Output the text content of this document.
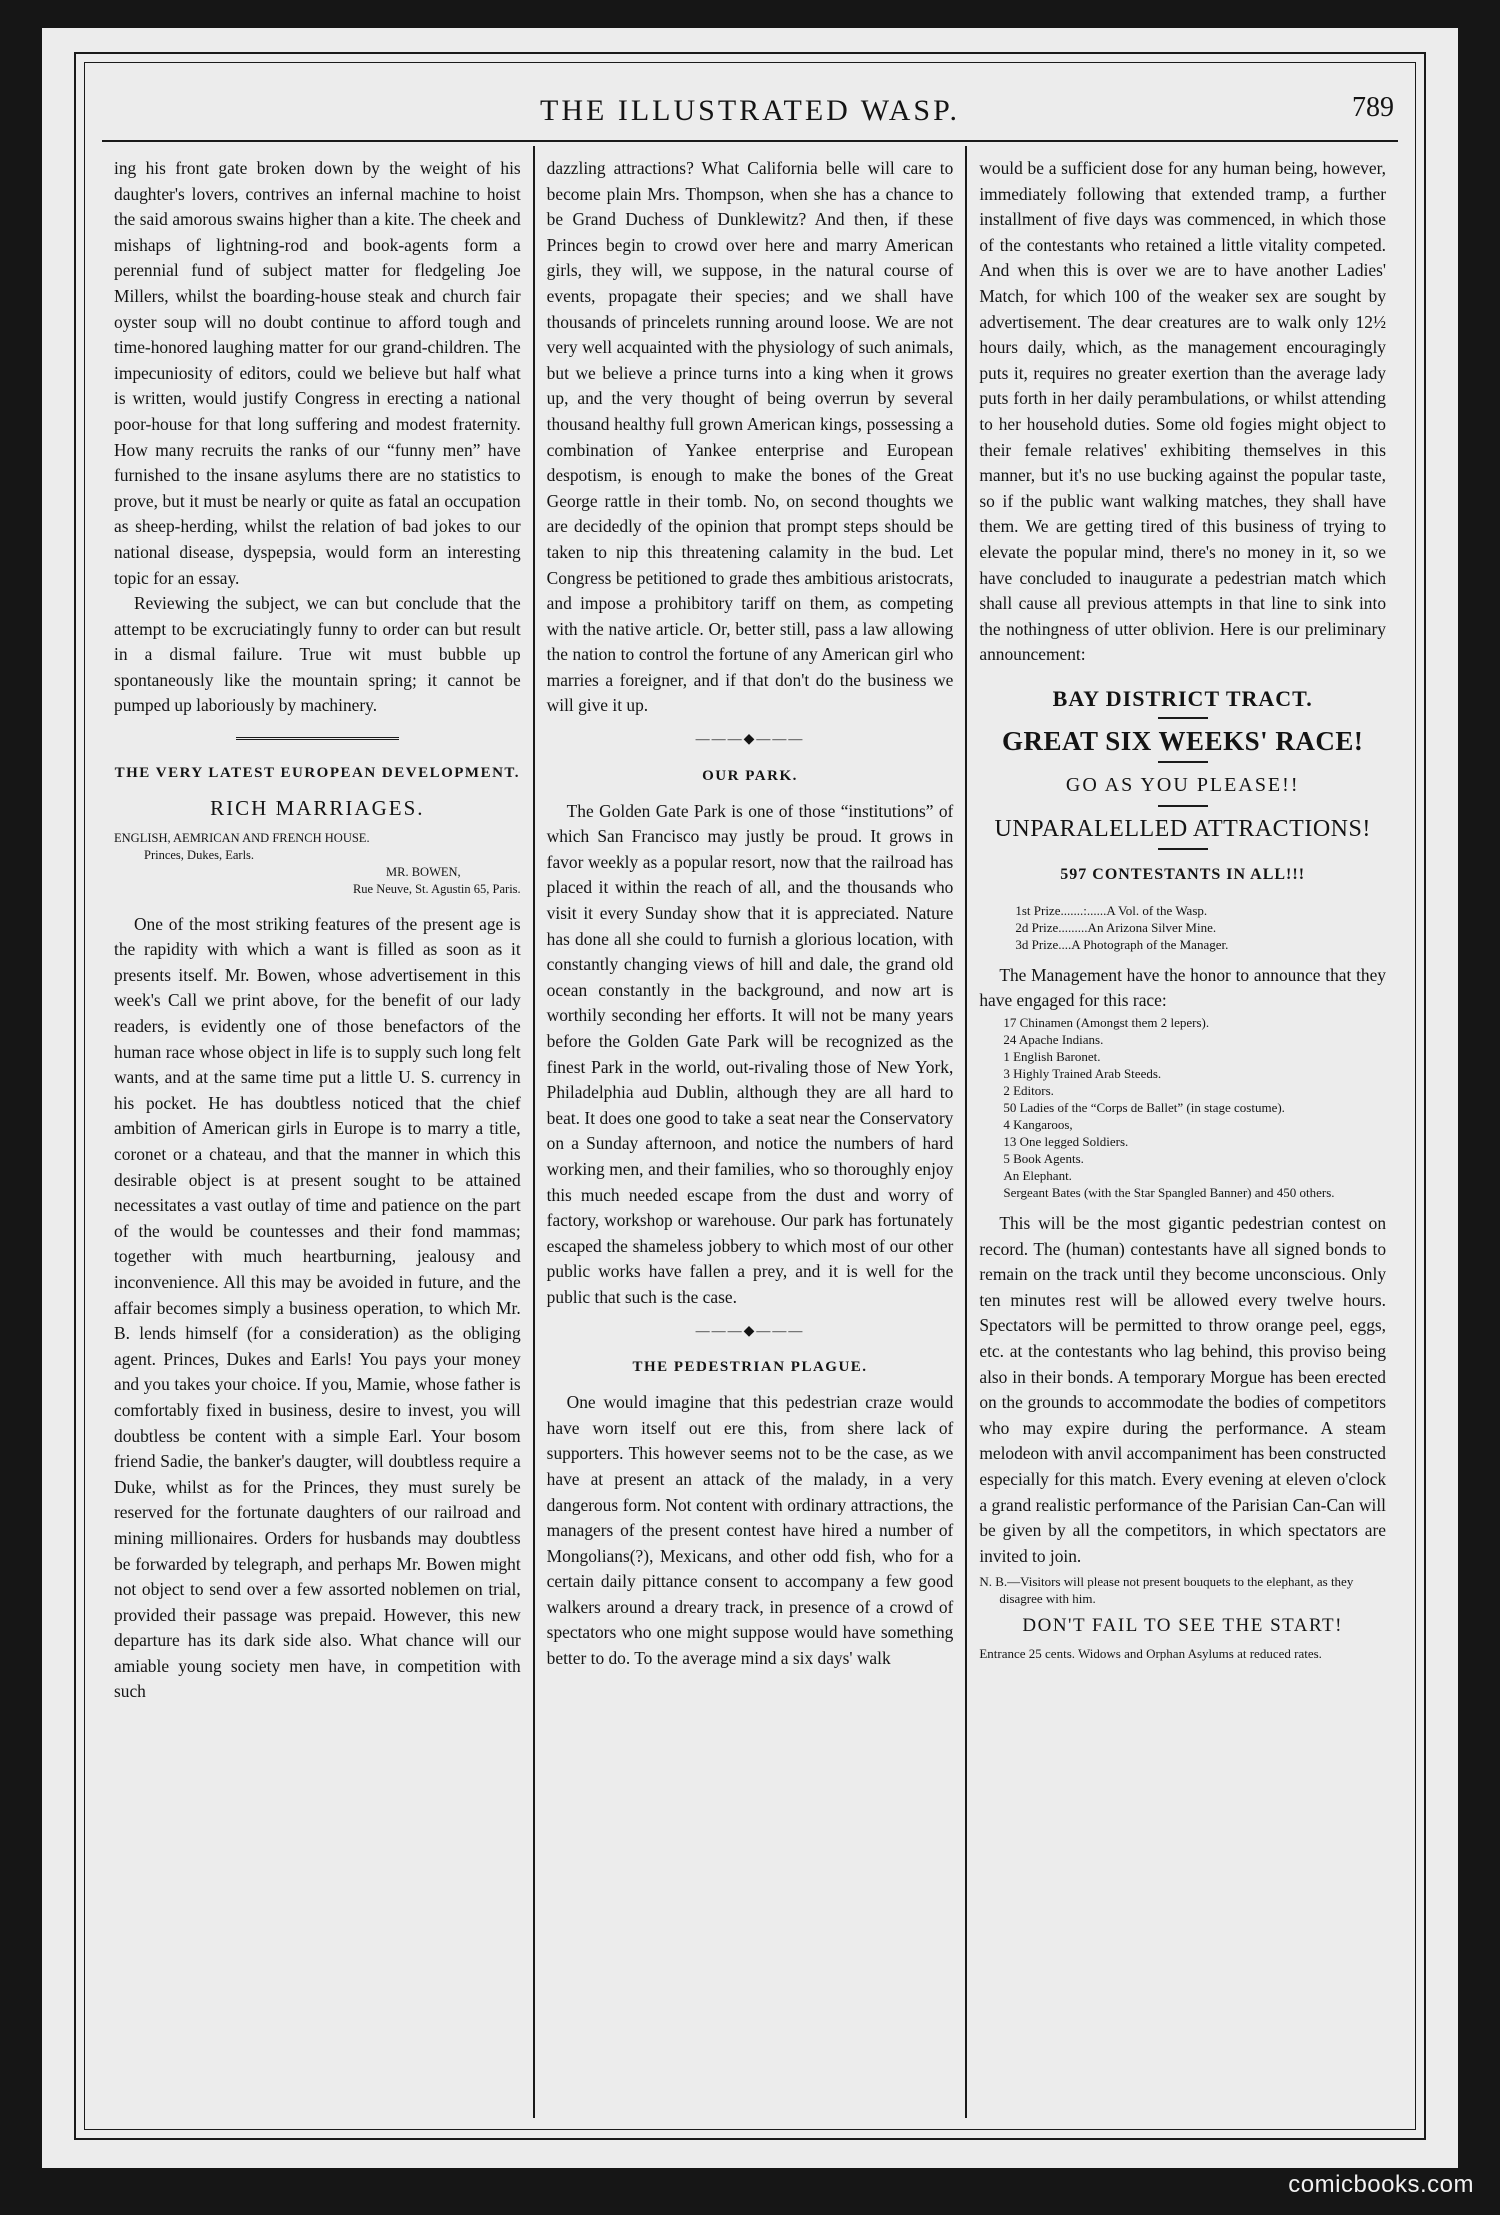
THE ILLUSTRATED WASP.	789

ing his front gate broken down by the weight of his daughter's lovers, contrives an infernal machine to hoist the said amorous swains higher than a kite. The cheek and mishaps of lightning-rod and book-agents form a perennial fund of subject matter for fledgeling Joe Millers, whilst the boarding-house steak and church fair oyster soup will no doubt continue to afford tough and time-honored laughing matter for our grand-children. The impecuniosity of editors, could we believe but half what is written, would justify Congress in erecting a national poor-house for that long suffering and modest fraternity. How many recruits the ranks of our “funny men” have furnished to the insane asylums there are no statistics to prove, but it must be nearly or quite as fatal an occupation as sheep-herding, whilst the relation of bad jokes to our national disease, dyspepsia, would form an interesting topic for an essay.

Reviewing the subject, we can but conclude that the attempt to be excruciatingly funny to order can but result in a dismal failure. True wit must bubble up spontaneously like the mountain spring; it cannot be pumped up laboriously by machinery.

THE VERY LATEST EUROPEAN DEVELOPMENT.
RICH MARRIAGES.
ENGLISH, AEMRICAN AND FRENCH HOUSE.
Princes, Dukes, Earls.
MR. BOWEN,
Rue Neuve, St. Agustin 65, Paris.

One of the most striking features of the present age is the rapidity with which a want is filled as soon as it presents itself. Mr. Bowen, whose advertisement in this week's Call we print above, for the benefit of our lady readers, is evidently one of those benefactors of the human race whose object in life is to supply such long felt wants, and at the same time put a little U. S. currency in his pocket. He has doubtless noticed that the chief ambition of American girls in Europe is to marry a title, coronet or a chateau, and that the manner in which this desirable object is at present sought to be attained necessitates a vast outlay of time and patience on the part of the would be countesses and their fond mammas; together with much heartburning, jealousy and inconvenience. All this may be avoided in future, and the affair becomes simply a business operation, to which Mr. B. lends himself (for a consideration) as the obliging agent. Princes, Dukes and Earls! You pays your money and you takes your choice. If you, Mamie, whose father is comfortably fixed in business, desire to invest, you will doubtless be content with a simple Earl. Your bosom friend Sadie, the banker's daugter, will doubtless require a Duke, whilst as for the Princes, they must surely be reserved for the fortunate daughters of our railroad and mining millionaires. Orders for husbands may doubtless be forwarded by telegraph, and perhaps Mr. Bowen might not object to send over a few assorted noblemen on trial, provided their passage was prepaid. However, this new departure has its dark side also. What chance will our amiable young society men have, in competition with such

dazzling attractions? What California belle will care to become plain Mrs. Thompson, when she has a chance to be Grand Duchess of Dunklewitz? And then, if these Princes begin to crowd over here and marry American girls, they will, we suppose, in the natural course of events, propagate their species; and we shall have thousands of princelets running around loose. We are not very well acquainted with the physiology of such animals, but we believe a prince turns into a king when it grows up, and the very thought of being overrun by several thousand healthy full grown American kings, possessing a combination of Yankee enterprise and European despotism, is enough to make the bones of the Great George rattle in their tomb. No, on second thoughts we are decidedly of the opinion that prompt steps should be taken to nip this threatening calamity in the bud. Let Congress be petitioned to grade thes ambitious aristocrats, and impose a prohibitory tariff on them, as competing with the native article. Or, better still, pass a law allowing the nation to control the fortune of any American girl who marries a foreigner, and if that don't do the business we will give it up.

———◆———
OUR PARK.

The Golden Gate Park is one of those “institutions” of which San Francisco may justly be proud. It grows in favor weekly as a popular resort, now that the railroad has placed it within the reach of all, and the thousands who visit it every Sunday show that it is appreciated. Nature has done all she could to furnish a glorious location, with constantly changing views of hill and dale, the grand old ocean constantly in the background, and now art is worthily seconding her efforts. It will not be many years before the Golden Gate Park will be recognized as the finest Park in the world, out-rivaling those of New York, Philadelphia aud Dublin, although they are all hard to beat. It does one good to take a seat near the Conservatory on a Sunday afternoon, and notice the numbers of hard working men, and their families, who so thoroughly enjoy this much needed escape from the dust and worry of factory, workshop or warehouse. Our park has fortunately escaped the shameless jobbery to which most of our other public works have fallen a prey, and it is well for the public that such is the case.

———◆———
THE PEDESTRIAN PLAGUE.

One would imagine that this pedestrian craze would have worn itself out ere this, from shere lack of supporters. This however seems not to be the case, as we have at present an attack of the malady, in a very dangerous form. Not content with ordinary attractions, the managers of the present contest have hired a number of Mongolians(?), Mexicans, and other odd fish, who for a certain daily pittance consent to accompany a few good walkers around a dreary track, in presence of a crowd of spectators who one might suppose would have something better to do. To the average mind a six days' walk

would be a sufficient dose for any human being, however, immediately following that extended tramp, a further installment of five days was commenced, in which those of the contestants who retained a little vitality competed. And when this is over we are to have another Ladies' Match, for which 100 of the weaker sex are sought by advertisement. The dear creatures are to walk only 12½ hours daily, which, as the management encouragingly puts it, requires no greater exertion than the average lady puts forth in her daily perambulations, or whilst attending to her household duties. Some old fogies might object to their female relatives' exhibiting themselves in this manner, but it's no use bucking against the popular taste, so if the public want walking matches, they shall have them. We are getting tired of this business of trying to elevate the popular mind, there's no money in it, so we have concluded to inaugurate a pedestrian match which shall cause all previous attempts in that line to sink into the nothingness of utter oblivion. Here is our preliminary announcement:

BAY DISTRICT TRACT.
GREAT SIX WEEKS' RACE!
GO AS YOU PLEASE!!
UNPARALELLED ATTRACTIONS!
597 CONTESTANTS IN ALL!!!
1st Prize.......:......A Vol. of the Wasp.
2d Prize.........An Arizona Silver Mine.
3d Prize....A Photograph of the Manager.

The Management have the honor to announce that they have engaged for this race:

17 Chinamen (Amongst them 2 lepers).
24 Apache Indians.
1 English Baronet.
3 Highly Trained Arab Steeds.
2 Editors.
50 Ladies of the “Corps de Ballet” (in stage costume).
4 Kangaroos,
13 One legged Soldiers.
5 Book Agents.
An Elephant.
Sergeant Bates (with the Star Spangled Banner) and 450 others.

This will be the most gigantic pedestrian contest on record. The (human) contestants have all signed bonds to remain on the track until they become unconscious. Only ten minutes rest will be allowed every twelve hours. Spectators will be permitted to throw orange peel, eggs, etc. at the contestants who lag behind, this proviso being also in their bonds. A temporary Morgue has been erected on the grounds to accommodate the bodies of competitors who may expire during the performance. A steam melodeon with anvil accompaniment has been constructed especially for this match. Every evening at eleven o'clock a grand realistic performance of the Parisian Can-Can will be given by all the competitors, in which spectators are invited to join.

N. B.—Visitors will please not present bouquets to the elephant, as they disagree with him.
DON'T FAIL TO SEE THE START!
Entrance 25 cents. Widows and Orphan Asylums at reduced rates.
comicbooks.com
